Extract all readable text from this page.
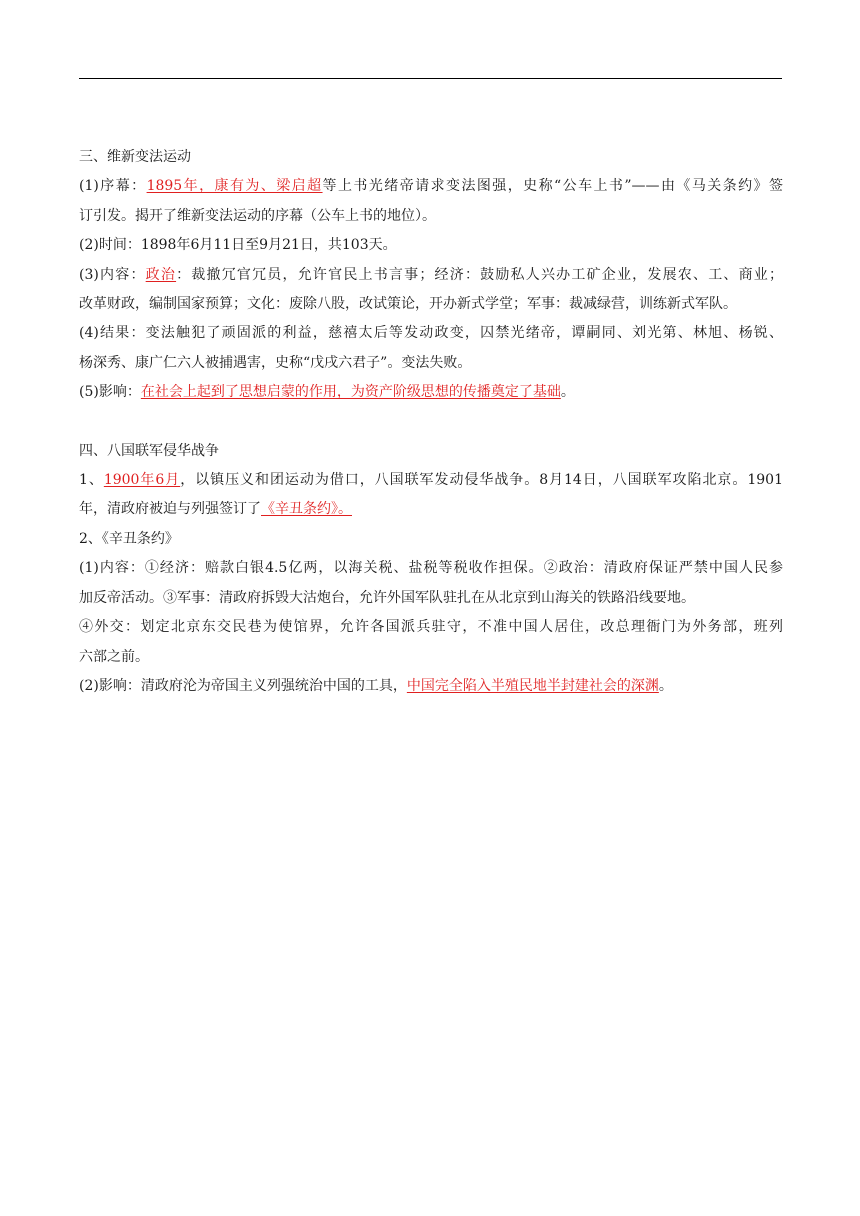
三、维新变法运动
(1)序幕：1895年，康有为、梁启超等上书光绪帝请求变法图强，史称“公车上书”——由《马关条约》签
订引发。揭开了维新变法运动的序幕（公车上书的地位）。
(2)时间：1898年6月11日至9月21日，共103天。
(3)内容：政治：裁撤冗官冗员，允许官民上书言事；经济：鼓励私人兴办工矿企业，发展农、工、商业；
改革财政，编制国家预算；文化：废除八股，改试策论，开办新式学堂；军事：裁减绿营，训练新式军队。
(4)结果：变法触犯了顽固派的利益，慈禧太后等发动政变，囚禁光绪帝，谭嗣同、刘光第、林旭、杨锐、
杨深秀、康广仁六人被捕遇害，史称“戊戌六君子”。变法失败。
(5)影响：在社会上起到了思想启蒙的作用，为资产阶级思想的传播奠定了基础。
四、八国联军侵华战争
1、1900年6月，以镇压义和团运动为借口，八国联军发动侵华战争。8月14日，八国联军攻陷北京。1901
年，清政府被迫与列强签订了《辛丑条约》。
2、《辛丑条约》
(1)内容：①经济：赔款白银4.5亿两，以海关税、盐税等税收作担保。②政治：清政府保证严禁中国人民参
加反帝活动。③军事：清政府拆毁大沽炮台，允许外国军队驻扎在从北京到山海关的铁路沿线要地。
④外交：划定北京东交民巷为使馆界，允许各国派兵驻守，不准中国人居住，改总理衙门为外务部，班列
六部之前。
(2)影响：清政府沦为帝国主义列强统治中国的工具，中国完全陷入半殖民地半封建社会的深渊。
